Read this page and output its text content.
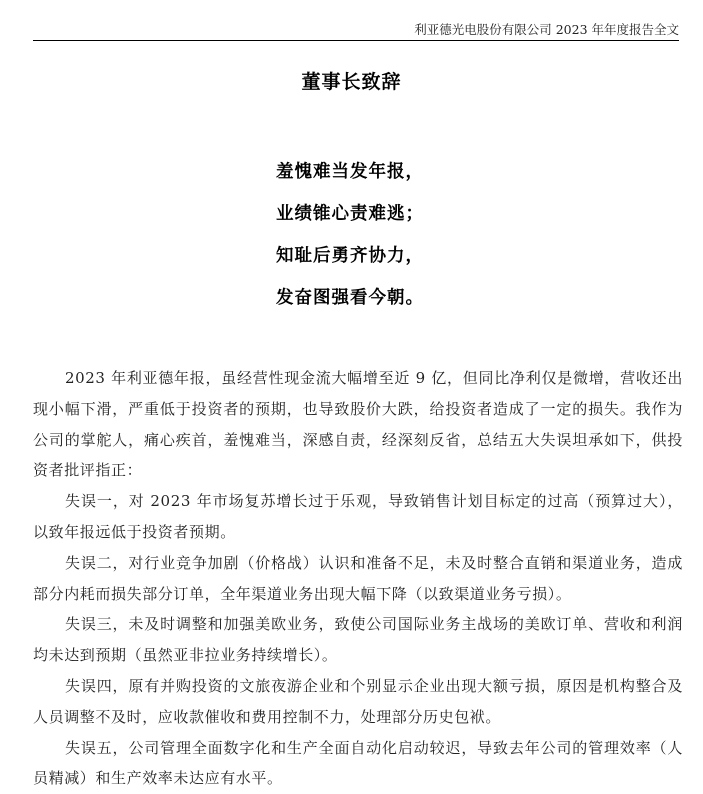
利亚德光电股份有限公司 2023 年年度报告全文
董事长致辞
羞愧难当发年报，
业绩锥心责难逃；
知耻后勇齐协力，
发奋图强看今朝。

2023 年利亚德年报，虽经营性现金流大幅增至近 9 亿，但同比净利仅是微增，营收还出现小幅下滑，严重低于投资者的预期，也导致股价大跌，给投资者造成了一定的损失。我作为公司的掌舵人，痛心疾首，羞愧难当，深感自责，经深刻反省，总结五大失误坦承如下，供投资者批评指正：

失误一，对 2023 年市场复苏增长过于乐观，导致销售计划目标定的过高（预算过大），以致年报远低于投资者预期。

失误二，对行业竞争加剧（价格战）认识和准备不足，未及时整合直销和渠道业务，造成部分内耗而损失部分订单，全年渠道业务出现大幅下降（以致渠道业务亏损）。

失误三，未及时调整和加强美欧业务，致使公司国际业务主战场的美欧订单、营收和利润均未达到预期（虽然亚非拉业务持续增长）。

失误四，原有并购投资的文旅夜游企业和个别显示企业出现大额亏损，原因是机构整合及人员调整不及时，应收款催收和费用控制不力，处理部分历史包袱。

失误五，公司管理全面数字化和生产全面自动化启动较迟，导致去年公司的管理效率（人员精减）和生产效率未达应有水平。
